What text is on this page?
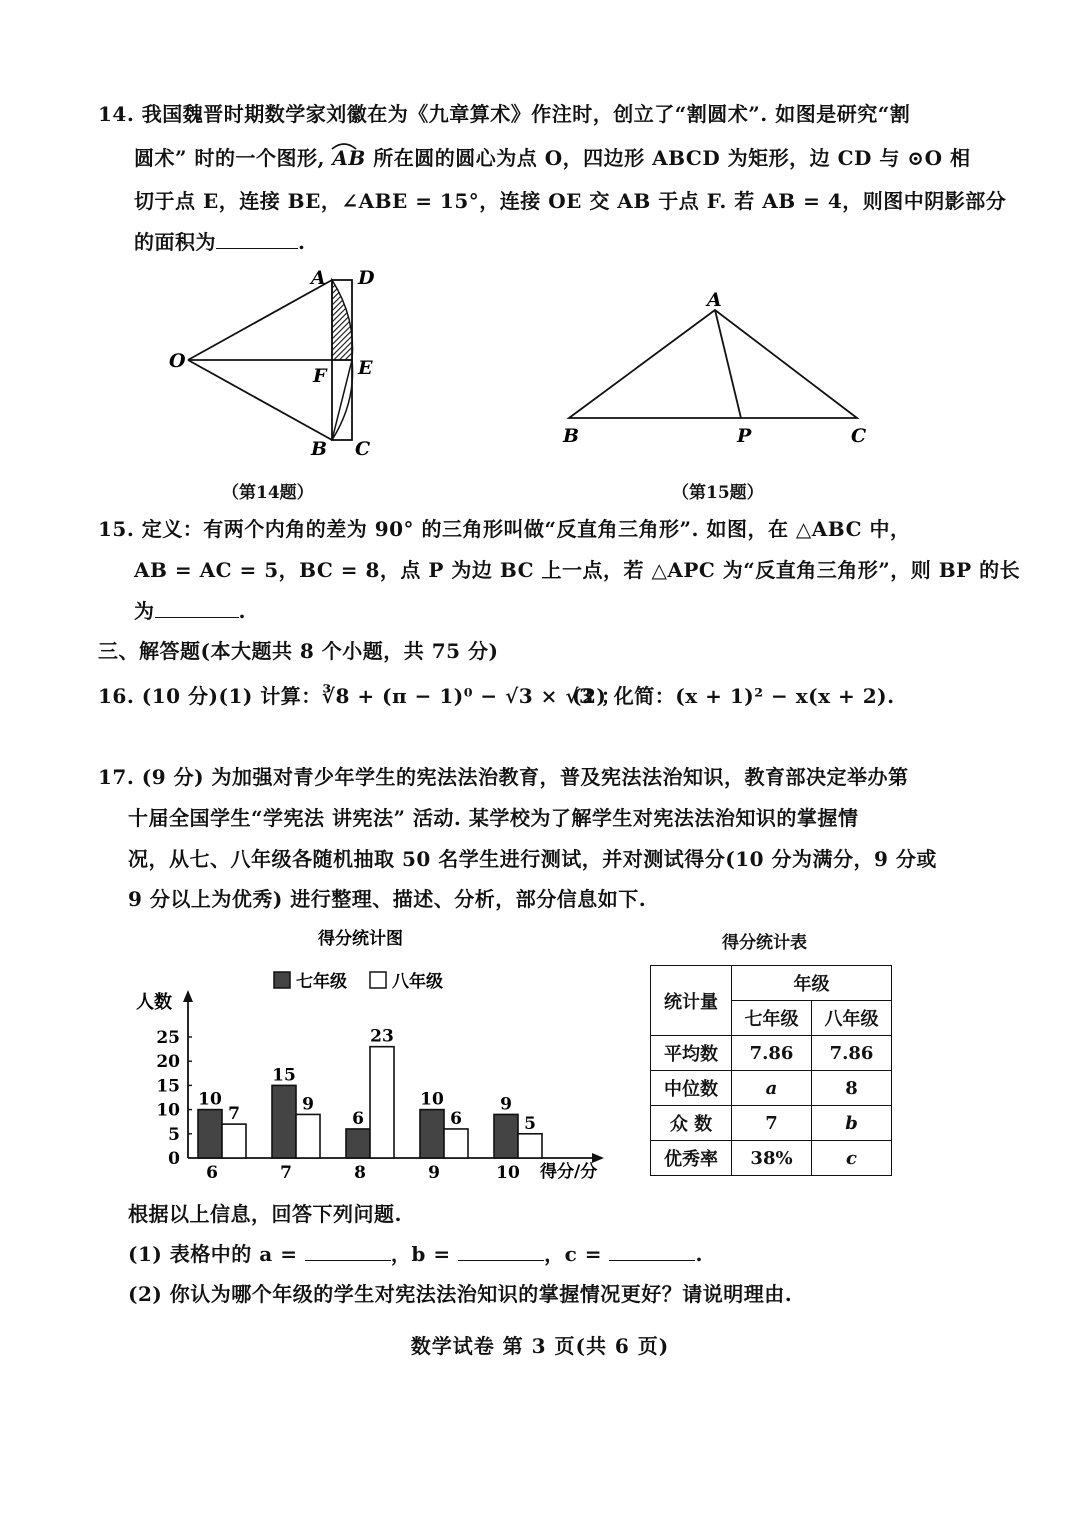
14. 我国魏晋时期数学家刘徽在为《九章算术》作注时，创立了“割圆术”. 如图是研究“割
圆术” 时的一个图形, AB 所在圆的圆心为点 O，四边形 ABCD 为矩形，边 CD 与 ⊙O 相
切于点 E，连接 BE，∠ABE = 15°，连接 OE 交 AB 于点 F. 若 AB = 4，则图中阴影部分
的面积为	.
A D
O
F E
B C
（第14题）
A
B	P	C
（第15题）
15. 定义：有两个内角的差为 90° 的三角形叫做“反直角三角形”. 如图，在 △ABC 中，
AB = AC = 5，BC = 8，点 P 为边 BC 上一点，若 △APC 为“反直角三角形”，则 BP 的长
为	.
三、解答题(本大题共 8 个小题，共 75 分)
16. (10 分)(1) 计算：∛8 + (π − 1)⁰ − √3 × √3 ；
(2) 化简：(x + 1)² − x(x + 2).
17. (9 分) 为加强对青少年学生的宪法法治教育，普及宪法法治知识，教育部决定举办第
十届全国学生“学宪法 讲宪法” 活动. 某学校为了解学生对宪法法治知识的掌握情
况，从七、八年级各随机抽取 50 名学生进行测试，并对测试得分(10 分为满分，9 分或
9 分以上为优秀) 进行整理、描述、分析，部分信息如下.
得分统计图
七年级	八年级
人数
0
5
10
15
20
25
10
7
6
15
9
7
6
23
8
10
6
9
9
5
10 得分/分
得分统计表
统计量	年级	
	七年级	八年级
平均数	7.86	7.86
中位数	a	8
众 数	7	b
优秀率	38%	c
根据以上信息，回答下列问题.
(1) 表格中的 a =	，b =	，c =	.
(2) 你认为哪个年级的学生对宪法法治知识的掌握情况更好？请说明理由.
数学试卷 第 3 页(共 6 页)
